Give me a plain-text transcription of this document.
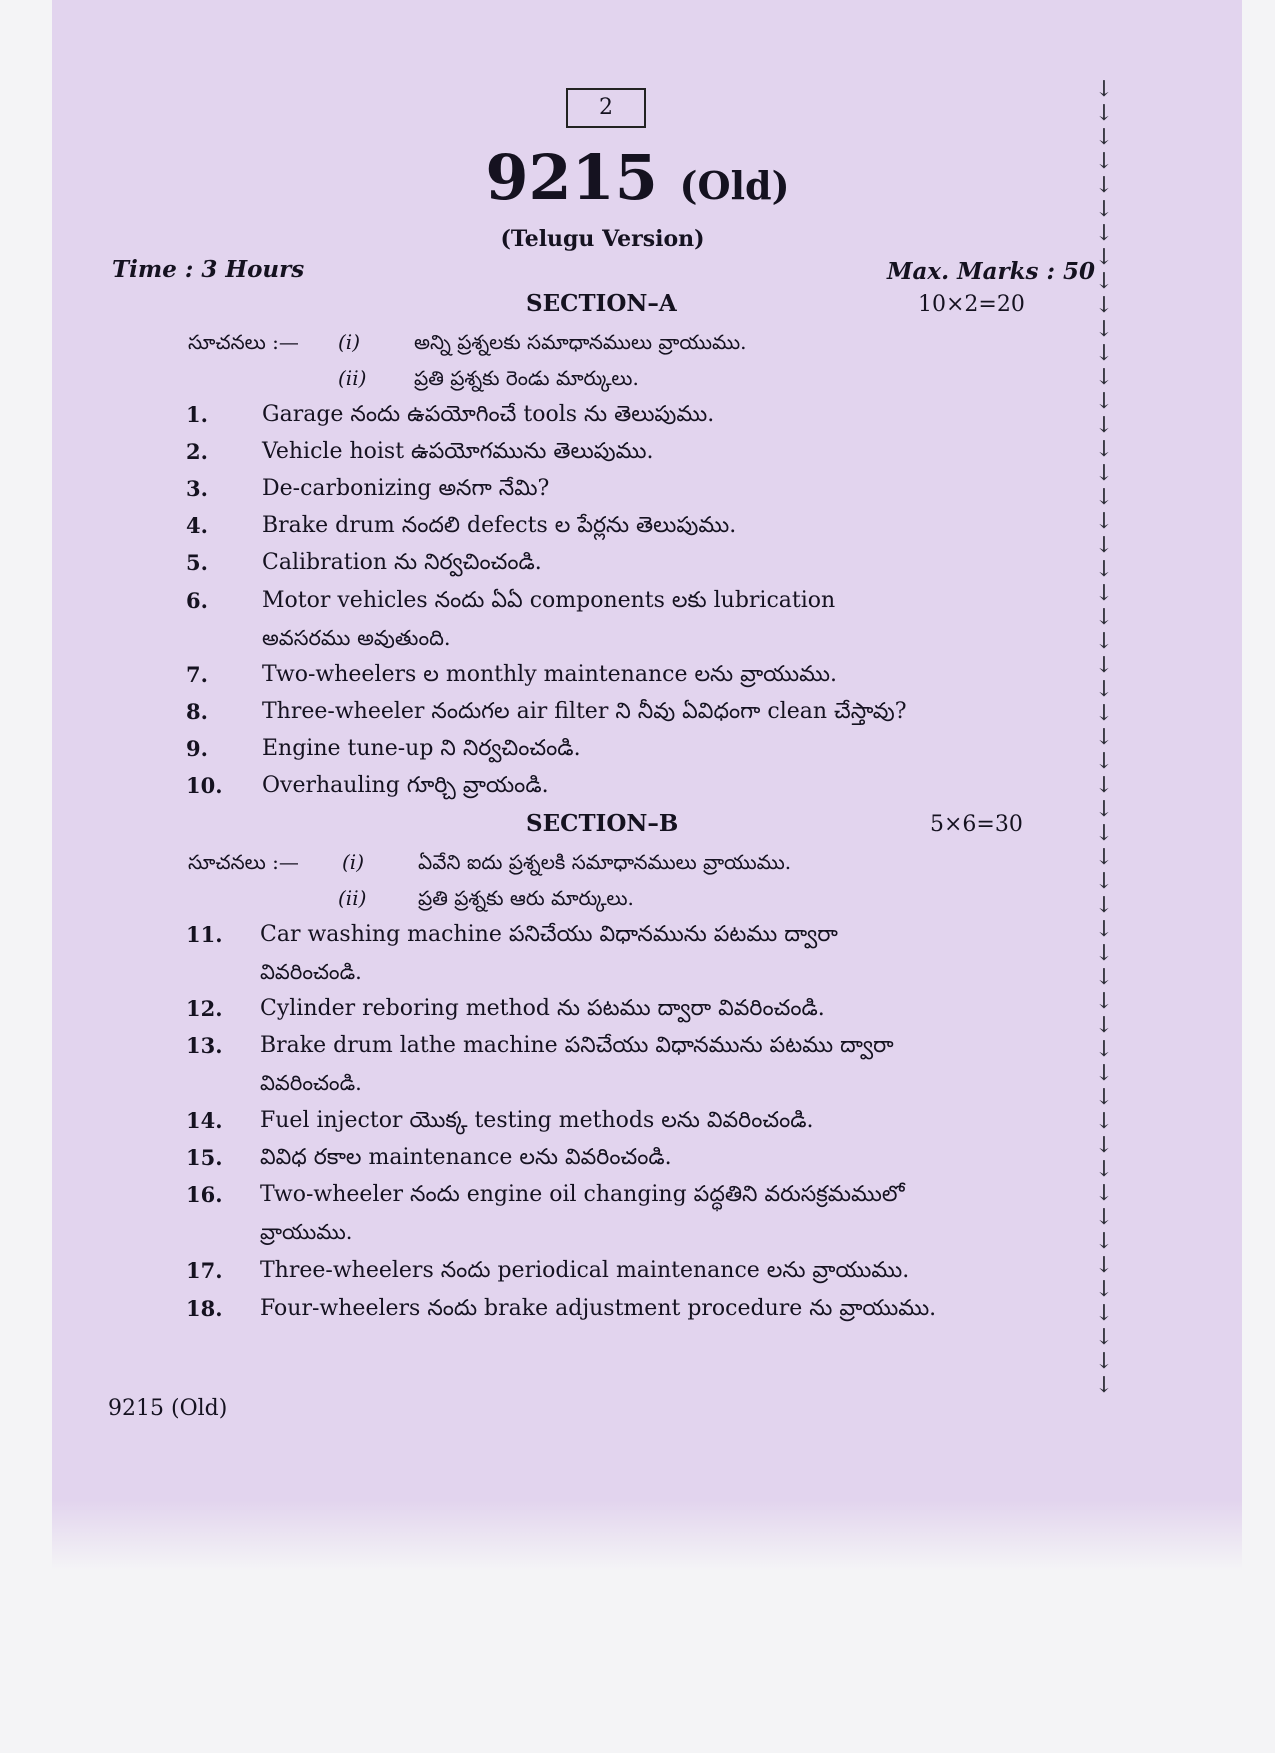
2
9215 (Old)
(Telugu Version)
Time : 3 Hours	Max. Marks : 50
SECTION–A	10×2=20
సూచనలు :— (i)	అన్ని ప్రశ్నలకు సమాధానములు వ్రాయుము.
(ii) ప్రతి ప్రశ్నకు రెండు మార్కులు.
1. Garage నందు ఉపయోగించే tools ను తెలుపుము.
2. Vehicle hoist ఉపయోగమును తెలుపుము.
3. De-carbonizing అనగా నేమి?
4. Brake drum నందలి defects ల పేర్లను తెలుపుము.
5. Calibration ను నిర్వచించండి.
6. Motor vehicles నందు ఏఏ components లకు lubrication
అవసరము అవుతుంది.
7. Two-wheelers ల monthly maintenance లను వ్రాయుము.
8. Three-wheeler నందుగల air filter ని నీవు ఏవిధంగా clean చేస్తావు?
9. Engine tune-up ని నిర్వచించండి.
10. Overhauling గూర్చి వ్రాయండి.
SECTION–B	5×6=30
సూచనలు :— (i)	ఏవేని ఐదు ప్రశ్నలకి సమాధానములు వ్రాయుము.
(ii)	ప్రతి ప్రశ్నకు ఆరు మార్కులు.
11. Car washing machine పనిచేయు విధానమును పటము ద్వారా
వివరించండి.
12. Cylinder reboring method ను పటము ద్వారా వివరించండి.
13. Brake drum lathe machine పనిచేయు విధానమును పటము ద్వారా
వివరించండి.
14. Fuel injector యొక్క testing methods లను వివరించండి.
15. వివిధ రకాల maintenance లను వివరించండి.
16. Two-wheeler నందు engine oil changing పద్ధతిని వరుసక్రమములో
వ్రాయుము.
17. Three-wheelers నందు periodical maintenance లను వ్రాయుము.
18. Four-wheelers నందు brake adjustment procedure ను వ్రాయుము.
9215 (Old)
↓
↓
↓
↓
↓
↓
↓
↓
↓
↓
↓
↓
↓
↓
↓
↓
↓
↓
↓
↓
↓
↓
↓
↓
↓
↓
↓
↓
↓
↓
↓
↓
↓
↓
↓
↓
↓
↓
↓
↓
↓
↓
↓
↓
↓
↓
↓
↓
↓
↓
↓
↓
↓
↓
↓
